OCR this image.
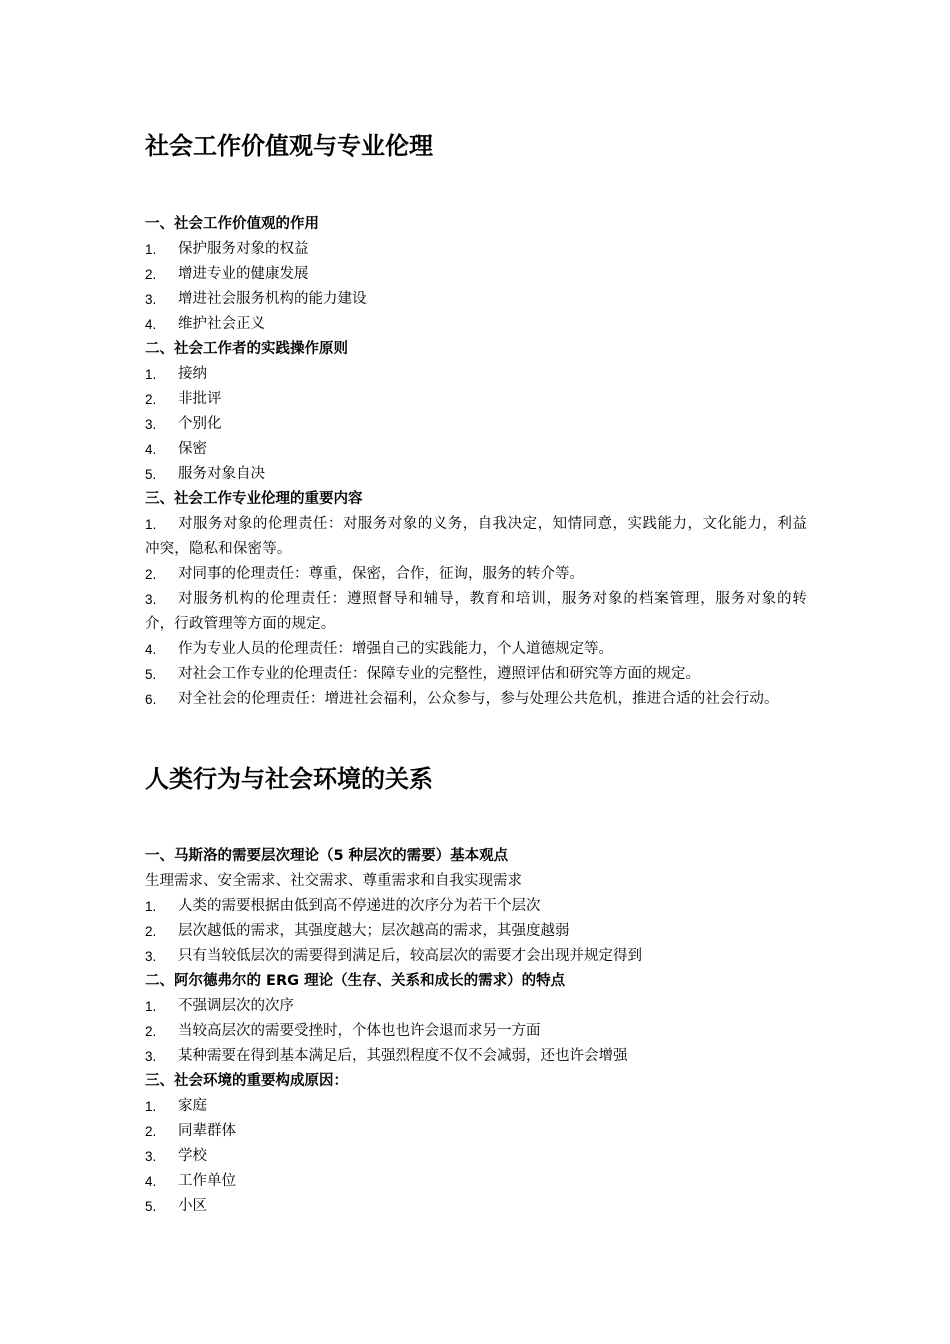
社会工作价值观与专业伦理
一、社会工作价值观的作用
1. 保护服务对象的权益
2. 增进专业的健康发展
3. 增进社会服务机构的能力建设
4. 维护社会正义
二、社会工作者的实践操作原则
1. 接纳
2. 非批评
3. 个别化
4. 保密
5. 服务对象自决
三、社会工作专业伦理的重要内容
1. 对服务对象的伦理责任：对服务对象的义务，自我决定，知情同意，实践能力，文化能力，利益冲突，隐私和保密等。
2. 对同事的伦理责任：尊重，保密，合作，征询，服务的转介等。
3. 对服务机构的伦理责任：遵照督导和辅导，教育和培训，服务对象的档案管理，服务对象的转介，行政管理等方面的规定。
4. 作为专业人员的伦理责任：增强自己的实践能力，个人道德规定等。
5. 对社会工作专业的伦理责任：保障专业的完整性，遵照评估和研究等方面的规定。
6. 对全社会的伦理责任：增进社会福利，公众参与，参与处理公共危机，推进合适的社会行动。
人类行为与社会环境的关系
一、马斯洛的需要层次理论（5 种层次的需要）基本观点
生理需求、安全需求、社交需求、尊重需求和自我实现需求
1. 人类的需要根据由低到高不停递进的次序分为若干个层次
2. 层次越低的需求，其强度越大；层次越高的需求，其强度越弱
3. 只有当较低层次的需要得到满足后，较高层次的需要才会出现并规定得到
二、阿尔德弗尔的 ERG 理论（生存、关系和成长的需求）的特点
1. 不强调层次的次序
2. 当较高层次的需要受挫时，个体也也许会退而求另一方面
3. 某种需要在得到基本满足后，其强烈程度不仅不会减弱，还也许会增强
三、社会环境的重要构成原因：
1. 家庭
2. 同辈群体
3. 学校
4. 工作单位
5. 小区
